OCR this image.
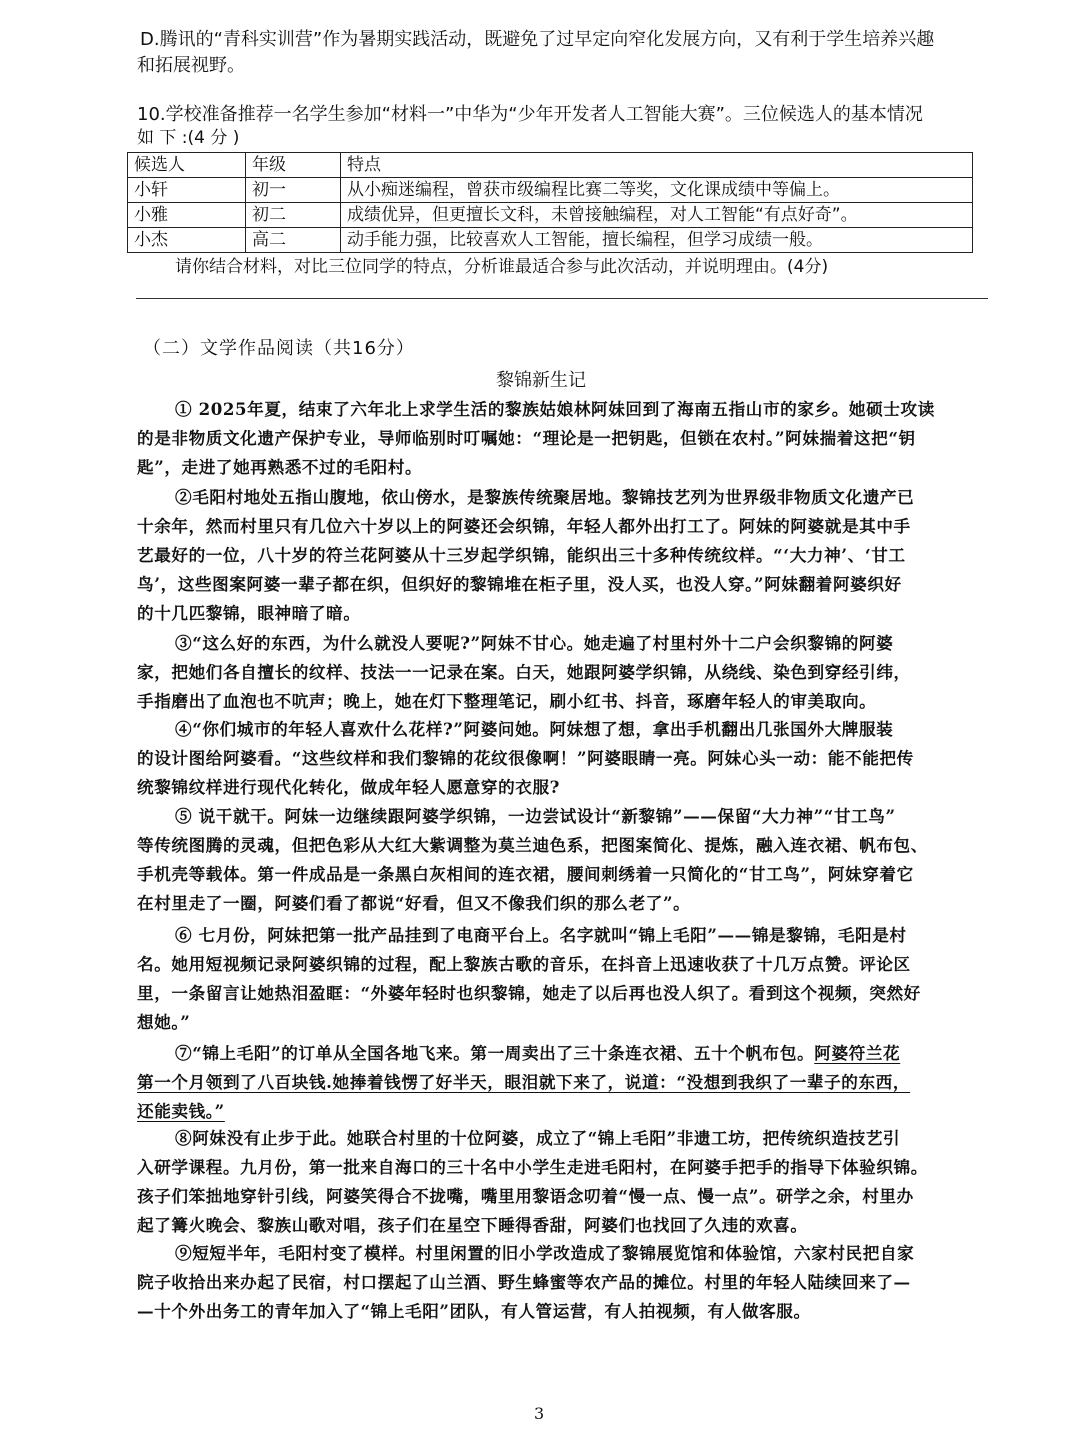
D.腾讯的“青科实训营”作为暑期实践活动，既避免了过早定向窄化发展方向，又有利于学生培养兴趣
和拓展视野。
10.学校准备推荐一名学生参加“材料一”中华为“少年开发者人工智能大赛”。三位候选人的基本情况
如 下 :(4 分 )
候选人	年级	特点
小轩	初一	从小痴迷编程，曾获市级编程比赛二等奖，文化课成绩中等偏上。
小雅	初二	成绩优异，但更擅长文科，未曾接触编程，对人工智能“有点好奇”。
小杰	高二	动手能力强，比较喜欢人工智能，擅长编程，但学习成绩一般。
请你结合材料，对比三位同学的特点，分析谁最适合参与此次活动，并说明理由。(4分)
（二）文学作品阅读（共16分）
黎锦新生记
① 2025年夏，结束了六年北上求学生活的黎族姑娘林阿妹回到了海南五指山市的家乡。她硕士攻读
的是非物质文化遗产保护专业，导师临别时叮嘱她：“理论是一把钥匙，但锁在农村。”阿妹揣着这把“钥
匙”，走进了她再熟悉不过的毛阳村。
②毛阳村地处五指山腹地，依山傍水，是黎族传统聚居地。黎锦技艺列为世界级非物质文化遗产已
十余年，然而村里只有几位六十岁以上的阿婆还会织锦，年轻人都外出打工了。阿妹的阿婆就是其中手
艺最好的一位，八十岁的符兰花阿婆从十三岁起学织锦，能织出三十多种传统纹样。“‘大力神’、‘甘工
鸟’，这些图案阿婆一辈子都在织，但织好的黎锦堆在柜子里，没人买，也没人穿。”阿妹翻着阿婆织好
的十几匹黎锦，眼神暗了暗。
③“这么好的东西，为什么就没人要呢?”阿妹不甘心。她走遍了村里村外十二户会织黎锦的阿婆
家，把她们各自擅长的纹样、技法一一记录在案。白天，她跟阿婆学织锦，从绕线、染色到穿经引纬，
手指磨出了血泡也不吭声；晚上，她在灯下整理笔记，刷小红书、抖音，琢磨年轻人的审美取向。
④“你们城市的年轻人喜欢什么花样?”阿婆问她。阿妹想了想，拿出手机翻出几张国外大牌服装
的设计图给阿婆看。“这些纹样和我们黎锦的花纹很像啊！”阿婆眼睛一亮。阿妹心头一动：能不能把传
统黎锦纹样进行现代化转化，做成年轻人愿意穿的衣服?
⑤ 说干就干。阿妹一边继续跟阿婆学织锦，一边尝试设计“新黎锦”——保留“大力神”“甘工鸟”
等传统图腾的灵魂，但把色彩从大红大紫调整为莫兰迪色系，把图案简化、提炼，融入连衣裙、帆布包、
手机壳等载体。第一件成品是一条黑白灰相间的连衣裙，腰间刺绣着一只简化的“甘工鸟”，阿妹穿着它
在村里走了一圈，阿婆们看了都说“好看，但又不像我们织的那么老了”。
⑥ 七月份，阿妹把第一批产品挂到了电商平台上。名字就叫“锦上毛阳”——锦是黎锦，毛阳是村
名。她用短视频记录阿婆织锦的过程，配上黎族古歌的音乐，在抖音上迅速收获了十几万点赞。评论区
里，一条留言让她热泪盈眶：“外婆年轻时也织黎锦，她走了以后再也没人织了。看到这个视频，突然好
想她。”
⑦“锦上毛阳”的订单从全国各地飞来。第一周卖出了三十条连衣裙、五十个帆布包。阿婆符兰花
第一个月领到了八百块钱.她捧着钱愣了好半天，眼泪就下来了，说道：“没想到我织了一辈子的东西，
还能卖钱。”
⑧阿妹没有止步于此。她联合村里的十位阿婆，成立了“锦上毛阳”非遗工坊，把传统织造技艺引
入研学课程。九月份，第一批来自海口的三十名中小学生走进毛阳村，在阿婆手把手的指导下体验织锦。
孩子们笨拙地穿针引线，阿婆笑得合不拢嘴，嘴里用黎语念叨着“慢一点、慢一点”。研学之余，村里办
起了篝火晚会、黎族山歌对唱，孩子们在星空下睡得香甜，阿婆们也找回了久违的欢喜。
⑨短短半年，毛阳村变了模样。村里闲置的旧小学改造成了黎锦展览馆和体验馆，六家村民把自家
院子收拾出来办起了民宿，村口摆起了山兰酒、野生蜂蜜等农产品的摊位。村里的年轻人陆续回来了—
—十个外出务工的青年加入了“锦上毛阳”团队，有人管运营，有人拍视频，有人做客服。
3
